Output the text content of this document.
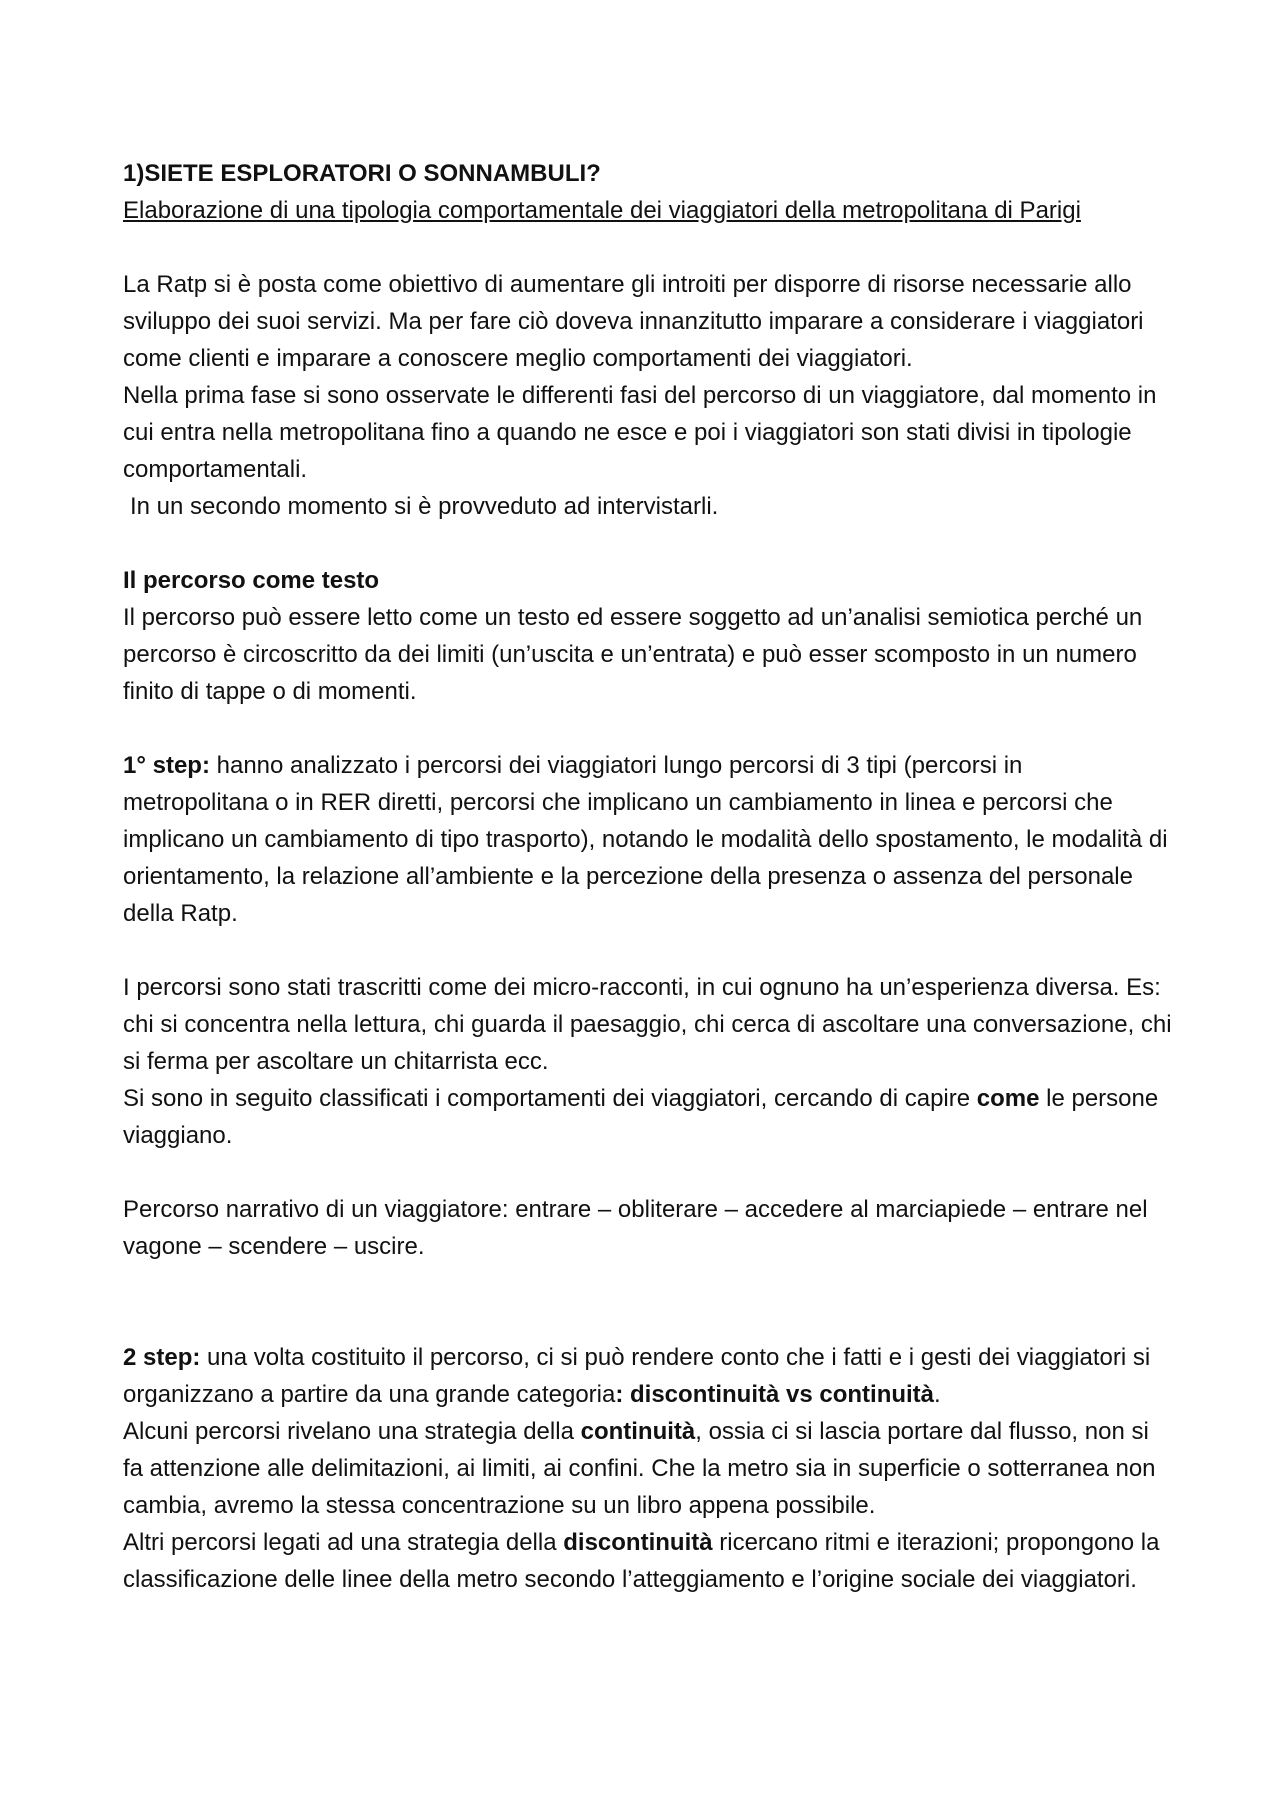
1)SIETE ESPLORATORI O SONNAMBULI?

Elaborazione di una tipologia comportamentale dei viaggiatori della metropolitana di Parigi

La Ratp si è posta come obiettivo di aumentare gli introiti per disporre di risorse necessarie allo sviluppo dei suoi servizi. Ma per fare ciò doveva innanzitutto imparare a considerare i viaggiatori come clienti e imparare a conoscere meglio comportamenti dei viaggiatori.

Nella prima fase si sono osservate le differenti fasi del percorso di un viaggiatore, dal momento in cui entra nella metropolitana fino a quando ne esce e poi i viaggiatori son stati divisi in tipologie comportamentali.

In un secondo momento si è provveduto ad intervistarli.

Il percorso come testo

Il percorso può essere letto come un testo ed essere soggetto ad un’analisi semiotica perché un percorso è circoscritto da dei limiti (un’uscita e un’entrata) e può esser scomposto in un numero finito di tappe o di momenti.

1° step: hanno analizzato i percorsi dei viaggiatori lungo percorsi di 3 tipi (percorsi in metropolitana o in RER diretti, percorsi che implicano un cambiamento in linea e percorsi che implicano un cambiamento di tipo trasporto), notando le modalità dello spostamento, le modalità di orientamento, la relazione all’ambiente e la percezione della presenza o assenza del personale della Ratp.

I percorsi sono stati trascritti come dei micro-racconti, in cui ognuno ha un’esperienza diversa. Es: chi si concentra nella lettura, chi guarda il paesaggio, chi cerca di ascoltare una conversazione, chi si ferma per ascoltare un chitarrista ecc.

Si sono in seguito classificati i comportamenti dei viaggiatori, cercando di capire come le persone viaggiano.

Percorso narrativo di un viaggiatore: entrare – obliterare – accedere al marciapiede – entrare nel vagone – scendere – uscire.

2 step: una volta costituito il percorso, ci si può rendere conto che i fatti e i gesti dei viaggiatori si organizzano a partire da una grande categoria: discontinuità vs continuità.

Alcuni percorsi rivelano una strategia della continuità, ossia ci si lascia portare dal flusso, non si fa attenzione alle delimitazioni, ai limiti, ai confini. Che la metro sia in superficie o sotterranea non cambia, avremo la stessa concentrazione su un libro appena possibile.

Altri percorsi legati ad una strategia della discontinuità ricercano ritmi e iterazioni; propongono la classificazione delle linee della metro secondo l’atteggiamento e l’origine sociale dei viaggiatori.
